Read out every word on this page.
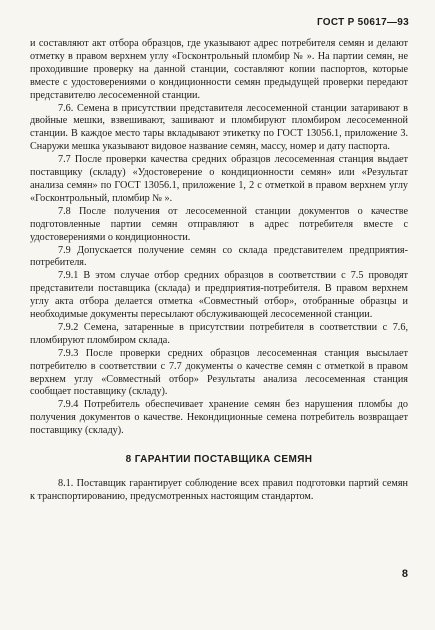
ГОСТ Р 50617—93

и составляют акт отбора образцов, где указывают адрес потребителя семян и делают отметку в правом верхнем углу «Госконтрольный пломбир № ». На партии семян, не проходившие проверку на данной станции, составляют копии паспортов, которые вместе с удостоверениями о кондиционности семян предыдущей проверки передают представителю лесосеменной станции.

7.6. Семена в присутствии представителя лесосеменной станции затаривают в двойные мешки, взвешивают, зашивают и пломбируют пломбиром лесосеменной станции. В каждое место тары вкладывают этикетку по ГОСТ 13056.1, приложение 3. Снаружи мешка указывают видовое название семян, массу, номер и дату паспорта.

7.7 После проверки качества средних образцов лесосеменная станция выдает поставщику (складу) «Удостоверение о кондиционности семян» или «Результат анализа семян» по ГОСТ 13056.1, приложение 1, 2 с отметкой в правом верхнем углу «Госконтрольный, пломбир № ».

7.8 После получения от лесосеменной станции документов о качестве подготовленные партии семян отправляют в адрес потребителя вместе с удостоверениями о кондиционности.

7.9 Допускается получение семян со склада представителем предприятия-потребителя.

7.9.1 В этом случае отбор средних образцов в соответствии с 7.5 проводят представители поставщика (склада) и предприятия-потребителя. В правом верхнем углу акта отбора делается отметка «Совместный отбор», отобранные образцы и необходимые документы пересылают обслуживающей лесосеменной станции.

7.9.2 Семена, затаренные в присутствии потребителя в соответствии с 7.6, пломбируют пломбиром склада.

7.9.3 После проверки средних образцов лесосеменная станция высылает потребителю в соответствии с 7.7 документы о качестве семян с отметкой в правом верхнем углу «Совместный отбор» Результаты анализа лесосеменная станция сообщает поставщику (складу).

7.9.4 Потребитель обеспечивает хранение семян без нарушения пломбы до получения документов о качестве. Некондиционные семена потребитель возвращает поставщику (складу).

8 ГАРАНТИИ ПОСТАВЩИКА СЕМЯН

8.1. Поставщик гарантирует соблюдение всех правил подготовки партий семян к транспортированию, предусмотренных настоящим стандартом.

8
